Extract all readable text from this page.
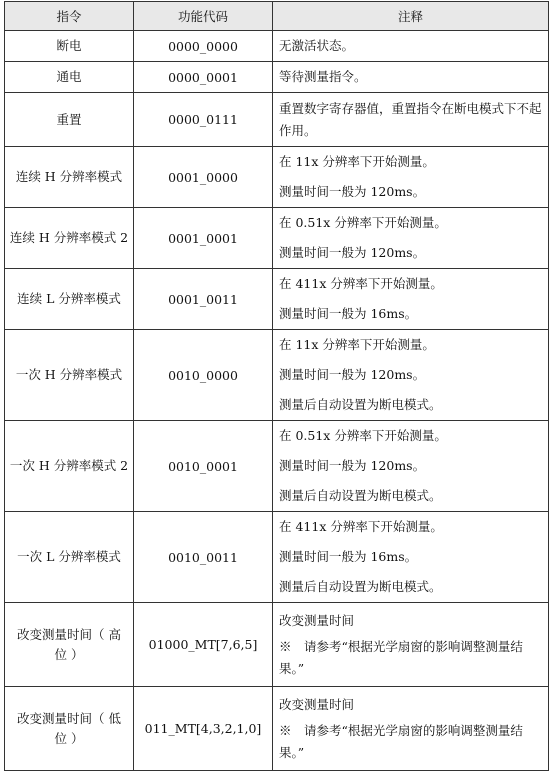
指令	功能代码	注释
断电	0000_0000	无激活状态。

通电	0000_0001	等待测量指令。

重置	0000_0111	重置数字寄存器值，重置指令在断电模式下不起作用。

连续 H 分辨率模式	0001_0000	在 11x 分辨率下开始测量。
测量时间一般为 120ms。

连续 H 分辨率模式 2	0001_0001	在 0.51x 分辨率下开始测量。
测量时间一般为 120ms。

连续 L 分辨率模式	0001_0011	在 411x 分辨率下开始测量。
测量时间一般为 16ms。

一次 H 分辨率模式	0010_0000	在 11x 分辨率下开始测量。
测量时间一般为 120ms。
测量后自动设置为断电模式。

一次 H 分辨率模式 2	0010_0001	在 0.51x 分辨率下开始测量。
测量时间一般为 120ms。
测量后自动设置为断电模式。

一次 L 分辨率模式	0010_0011	在 411x 分辨率下开始测量。
测量时间一般为 16ms。
测量后自动设置为断电模式。

改变测量时间（ 高位 ）	01000_MT[7,6,5]	改变测量时间
※　请参考“根据光学扇窗的影响调整测量结果。”

改变测量时间（ 低位 ）	011_MT[4,3,2,1,0]	改变测量时间
※　请参考“根据光学扇窗的影响调整测量结果。”
